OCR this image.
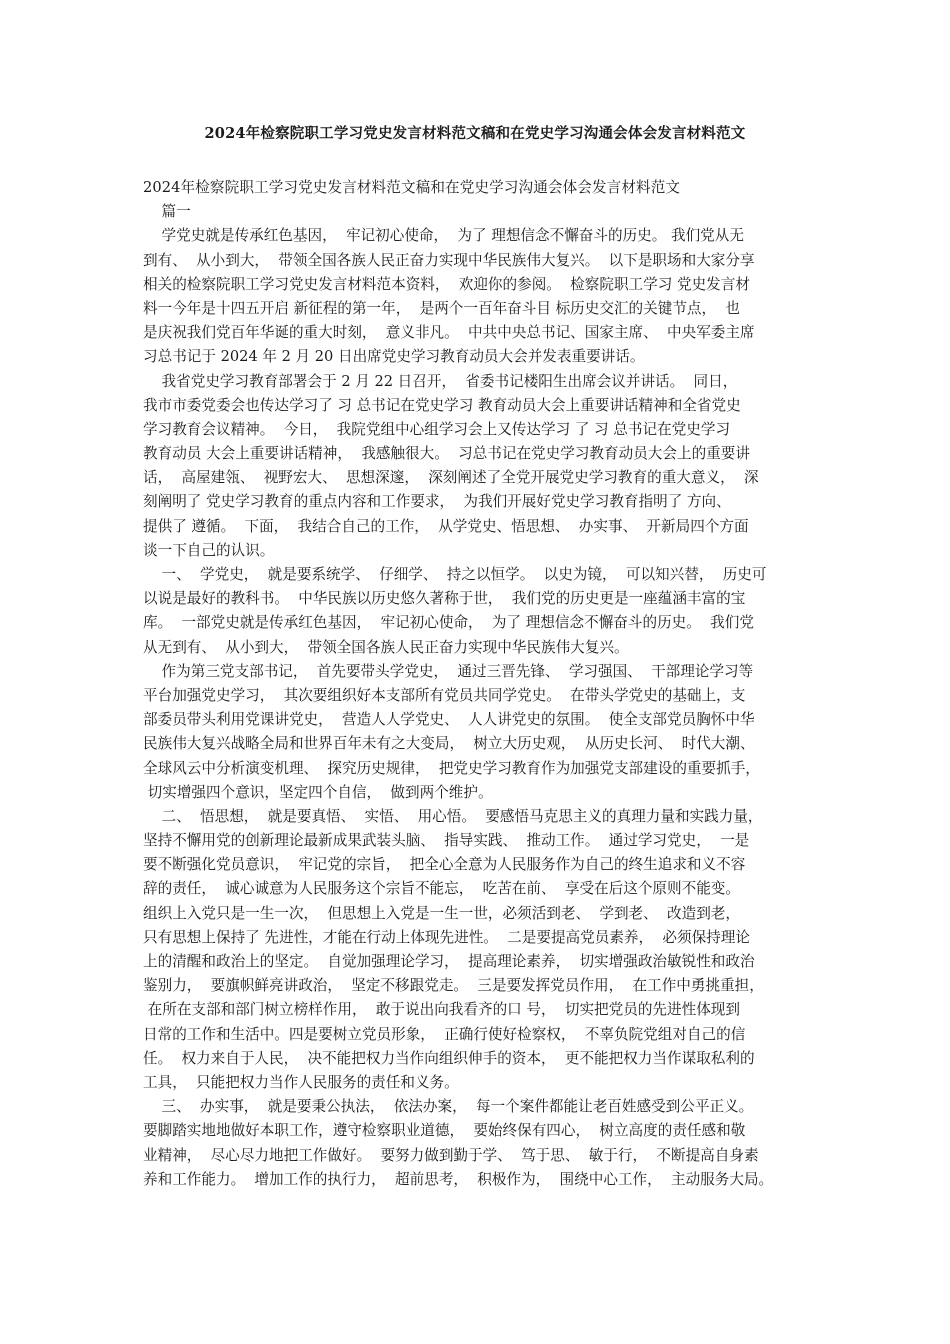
2024年检察院职工学习党史发言材料范文稿和在党史学习沟通会体会发言材料范文
2024年检察院职工学习党史发言材料范文稿和在党史学习沟通会体会发言材料范文
篇一
学党史就是传承红色基因，  牢记初心使命，  为了 理想信念不懈奋斗的历史。 我们党从无
到有、  从小到大，  带领全国各族人民正奋力实现中华民族伟大复兴。  以下是职场和大家分享
相关的检察院职工学习党史发言材料范本资料，  欢迎你的参阅。  检察院职工学习 党史发言材
料一今年是十四五开启 新征程的第一年，  是两个一百年奋斗目 标历史交汇的关键节点，  也
是庆祝我们党百年华诞的重大时刻，  意义非凡。  中共中央总书记、国家主席、  中央军委主席
习总书记于 2024 年 2 月 20 日出席党史学习教育动员大会并发表重要讲话。
我省党史学习教育部署会于 2 月 22 日召开，  省委书记楼阳生出席会议并讲话。  同日，
我市市委党委会也传达学习了 习 总书记在党史学习 教育动员大会上重要讲话精神和全省党史
学习教育会议精神。  今日，  我院党组中心组学习会上又传达学习 了 习 总书记在党史学习
教育动员 大会上重要讲话精神，  我感触很大。  习总书记在党史学习教育动员大会上的重要讲
话，  高屋建瓴、  视野宏大、  思想深邃，  深刻阐述了全党开展党史学习教育的重大意义，  深
刻阐明了 党史学习教育的重点内容和工作要求，  为我们开展好党史学习教育指明了 方向、
提供了 遵循。  下面，  我结合自己的工作，  从学党史、悟思想、  办实事、  开新局四个方面
谈一下自己的认识。
一、  学党史，  就是要系统学、  仔细学、  持之以恒学。  以史为镜，  可以知兴替，  历史可
以说是最好的教科书。  中华民族以历史悠久著称于世，  我们党的历史更是一座蕴涵丰富的宝
库。  一部党史就是传承红色基因，  牢记初心使命，  为了 理想信念不懈奋斗的历史。  我们党
从无到有、  从小到大，  带领全国各族人民正奋力实现中华民族伟大复兴。
作为第三党支部书记，  首先要带头学党史，  通过三晋先锋、  学习强国、  干部理论学习等
平台加强党史学习，  其次要组织好本支部所有党员共同学党史。  在带头学党史的基础上，支
部委员带头利用党课讲党史，  营造人人学党史、  人人讲党史的氛围。  使全支部党员胸怀中华
民族伟大复兴战略全局和世界百年未有之大变局，  树立大历史观，  从历史长河、  时代大潮、
全球风云中分析演变机理、  探究历史规律，  把党史学习教育作为加强党支部建设的重要抓手，
切实增强四个意识，坚定四个自信，  做到两个维护。
二、  悟思想，  就是要真悟、  实悟、  用心悟。  要感悟马克思主义的真理力量和实践力量，
坚持不懈用党的创新理论最新成果武装头脑、  指导实践、  推动工作。  通过学习党史，  一是
要不断强化党员意识，  牢记党的宗旨，  把全心全意为人民服务作为自己的终生追求和义不容
辞的责任，  诚心诚意为人民服务这个宗旨不能忘，  吃苦在前、  享受在后这个原则不能变。
组织上入党只是一生一次，  但思想上入党是一生一世，必须活到老、  学到老、  改造到老，
只有思想上保持了 先进性，才能在行动上体现先进性。  二是要提高党员素养，  必须保持理论
上的清醒和政治上的坚定。  自觉加强理论学习，  提高理论素养，  切实增强政治敏锐性和政治
鉴别力，  要旗帜鲜亮讲政治，  坚定不移跟党走。  三是要发挥党员作用，  在工作中勇挑重担，
在所在支部和部门树立榜样作用，  敢于说出向我看齐的口 号，  切实把党员的先进性体现到
日常的工作和生活中。四是要树立党员形象，  正确行使好检察权，  不辜负院党组对自己的信
任。  权力来自于人民，  决不能把权力当作向组织伸手的资本，  更不能把权力当作谋取私利的
工具，  只能把权力当作人民服务的责任和义务。
三、  办实事，  就是要秉公执法，  依法办案，  每一个案件都能让老百姓感受到公平正义。
要脚踏实地地做好本职工作，遵守检察职业道德，  要始终保有四心，  树立高度的责任感和敬
业精神，  尽心尽力地把工作做好。  要努力做到勤于学、  笃于思、  敏于行，  不断提高自身素
养和工作能力。  增加工作的执行力，  超前思考，  积极作为，  围绕中心工作，  主动服务大局。
